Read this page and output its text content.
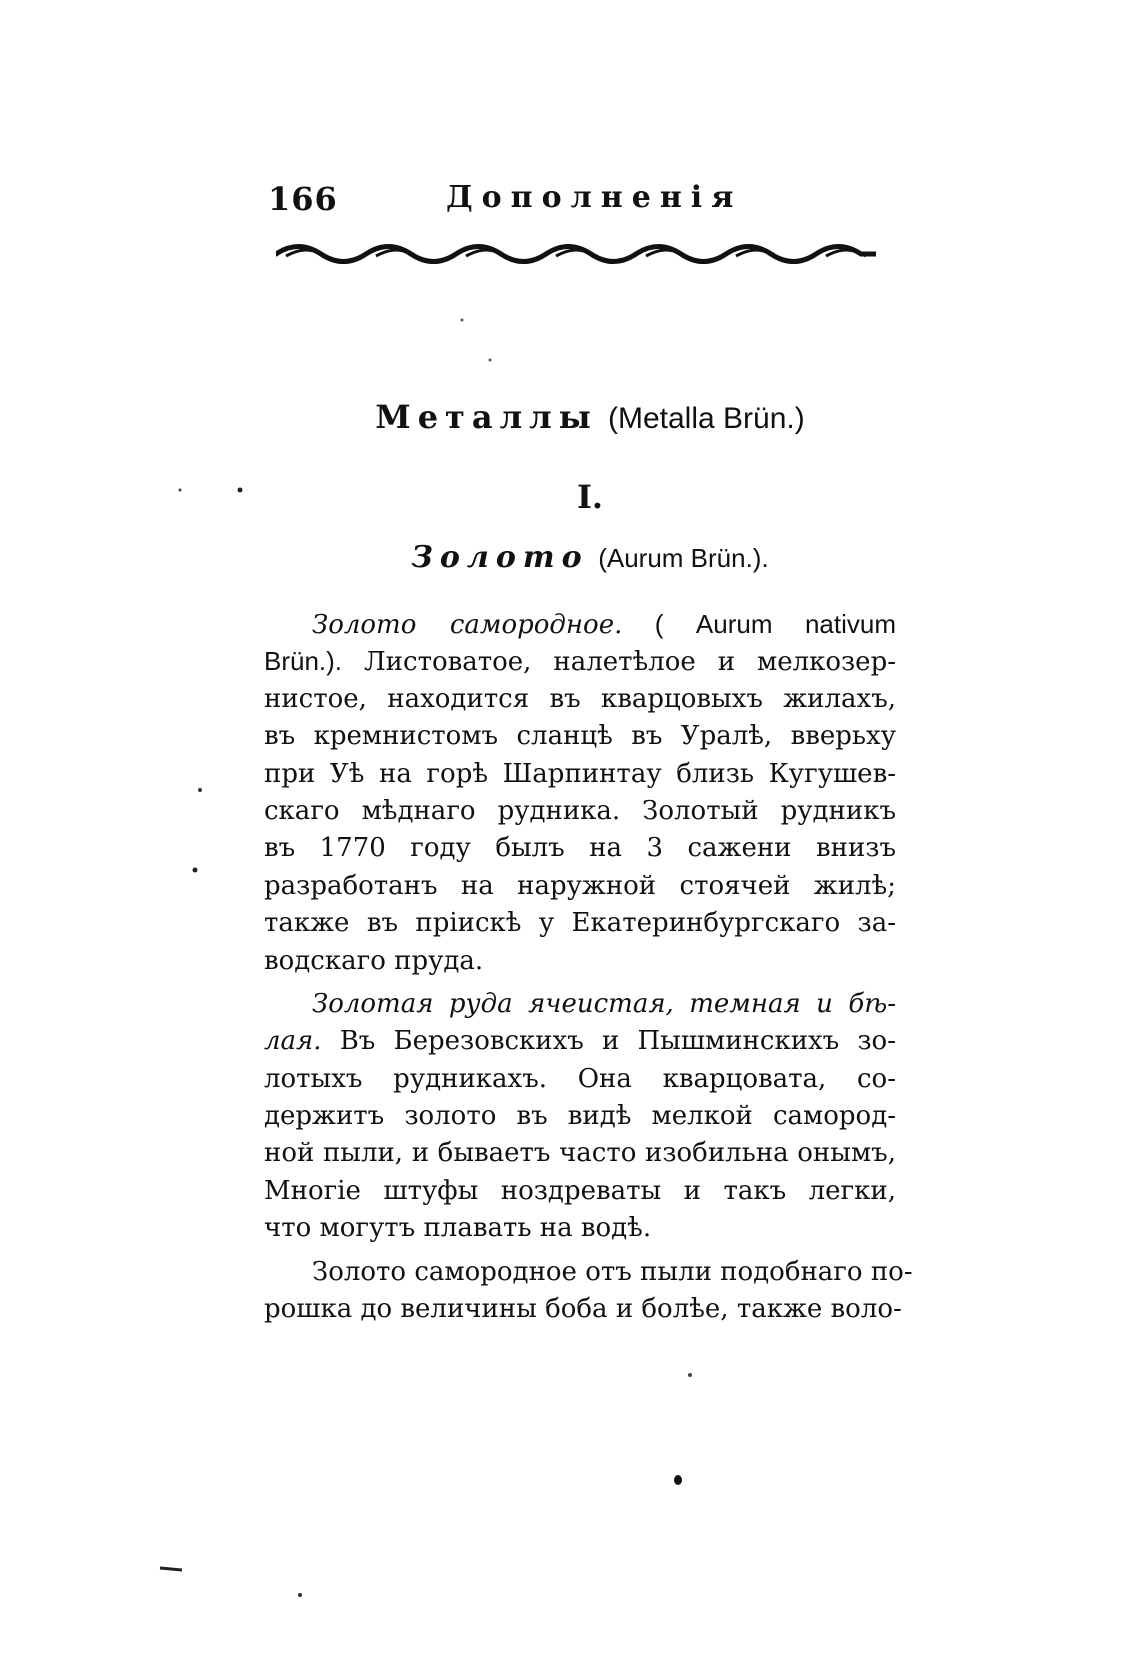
166	Дополненія
Металлы (Metalla Brün.)
I.
Золото (Aurum Brün.).
Золото самородное. ( Aurum nativum
Brün.). Листоватое, налетѣлое и мелкозер-
нистое, находится въ кварцовыхъ жилахъ,
въ кремнистомъ сланцѣ въ Уралѣ, вверьху
при Уѣ на горѣ Шарпинтау близь Кугушев-
скаго мѣднаго рудника. Золотый рудникъ
въ 1770 году былъ на 3 сажени внизъ
разработанъ на наружной стоячей жилѣ;
также въ пріискѣ у Екатеринбургскаго за-
водскаго пруда.
Золотая руда ячеистая, темная и бѣ-
лая. Въ Березовскихъ и Пышминскихъ зо-
лотыхъ рудникахъ. Она кварцовата, со-
держитъ золото въ видѣ мелкой самород-
ной пыли, и бываетъ часто изобильна онымъ,
Многіе штуфы ноздреваты и такъ легки,
что могутъ плавать на водѣ.
Золото самородное отъ пыли подобнаго по-
рошка до величины боба и болѣе, также воло-
